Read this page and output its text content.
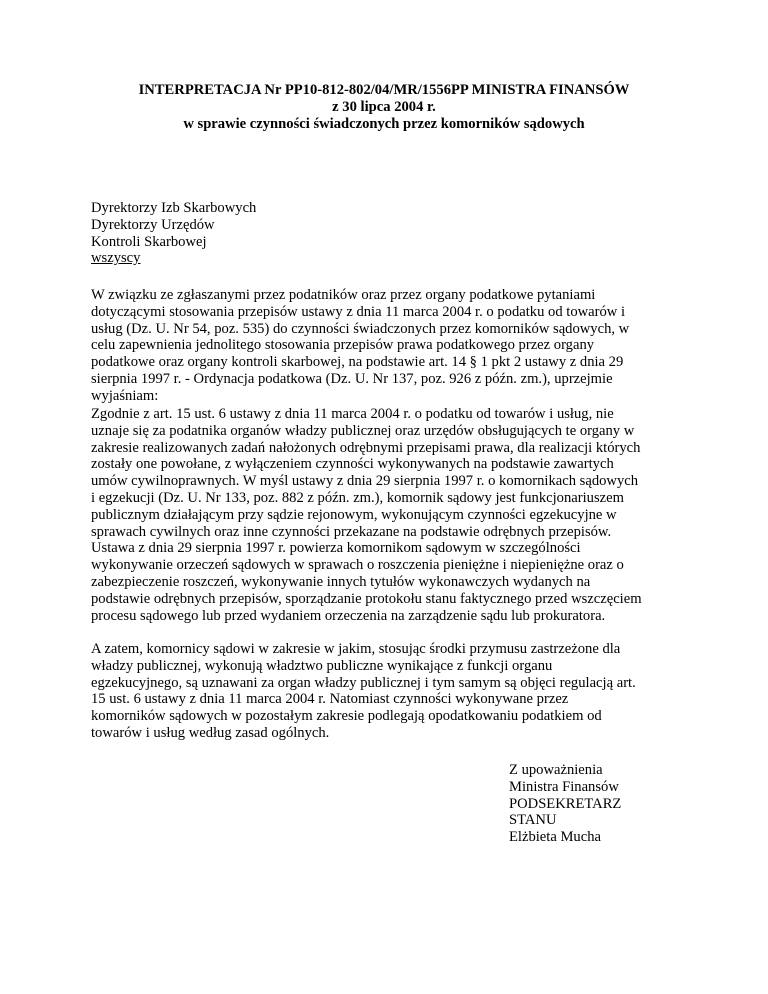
INTERPRETACJA Nr PP10-812-802/04/MR/1556PP MINISTRA FINANSÓW
z 30 lipca 2004 r.
w sprawie czynności świadczonych przez komorników sądowych
Dyrektorzy Izb Skarbowych
Dyrektorzy Urzędów
Kontroli Skarbowej
wszyscy
W związku ze zgłaszanymi przez podatników oraz przez organy podatkowe pytaniami
dotyczącymi stosowania przepisów ustawy z dnia 11 marca 2004 r. o podatku od towarów i
usług (Dz. U. Nr 54, poz. 535) do czynności świadczonych przez komorników sądowych, w
celu zapewnienia jednolitego stosowania przepisów prawa podatkowego przez organy
podatkowe oraz organy kontroli skarbowej, na podstawie art. 14 § 1 pkt 2 ustawy z dnia 29
sierpnia 1997 r. - Ordynacja podatkowa (Dz. U. Nr 137, poz. 926 z późn. zm.), uprzejmie
wyjaśniam:
Zgodnie z art. 15 ust. 6 ustawy z dnia 11 marca 2004 r. o podatku od towarów i usług, nie
uznaje się za podatnika organów władzy publicznej oraz urzędów obsługujących te organy w
zakresie realizowanych zadań nałożonych odrębnymi przepisami prawa, dla realizacji których
zostały one powołane, z wyłączeniem czynności wykonywanych na podstawie zawartych
umów cywilnoprawnych. W myśl ustawy z dnia 29 sierpnia 1997 r. o komornikach sądowych
i egzekucji (Dz. U. Nr 133, poz. 882 z późn. zm.), komornik sądowy jest funkcjonariuszem
publicznym działającym przy sądzie rejonowym, wykonującym czynności egzekucyjne w
sprawach cywilnych oraz inne czynności przekazane na podstawie odrębnych przepisów.
Ustawa z dnia 29 sierpnia 1997 r. powierza komornikom sądowym w szczególności
wykonywanie orzeczeń sądowych w sprawach o roszczenia pieniężne i niepieniężne oraz o
zabezpieczenie roszczeń, wykonywanie innych tytułów wykonawczych wydanych na
podstawie odrębnych przepisów, sporządzanie protokołu stanu faktycznego przed wszczęciem
procesu sądowego lub przed wydaniem orzeczenia na zarządzenie sądu lub prokuratora.
A zatem, komornicy sądowi w zakresie w jakim, stosując środki przymusu zastrzeżone dla
władzy publicznej, wykonują władztwo publiczne wynikające z funkcji organu
egzekucyjnego, są uznawani za organ władzy publicznej i tym samym są objęci regulacją art.
15 ust. 6 ustawy z dnia 11 marca 2004 r. Natomiast czynności wykonywane przez
komorników sądowych w pozostałym zakresie podlegają opodatkowaniu podatkiem od
towarów i usług według zasad ogólnych.
Z upoważnienia
Ministra Finansów
PODSEKRETARZ
STANU
Elżbieta Mucha
